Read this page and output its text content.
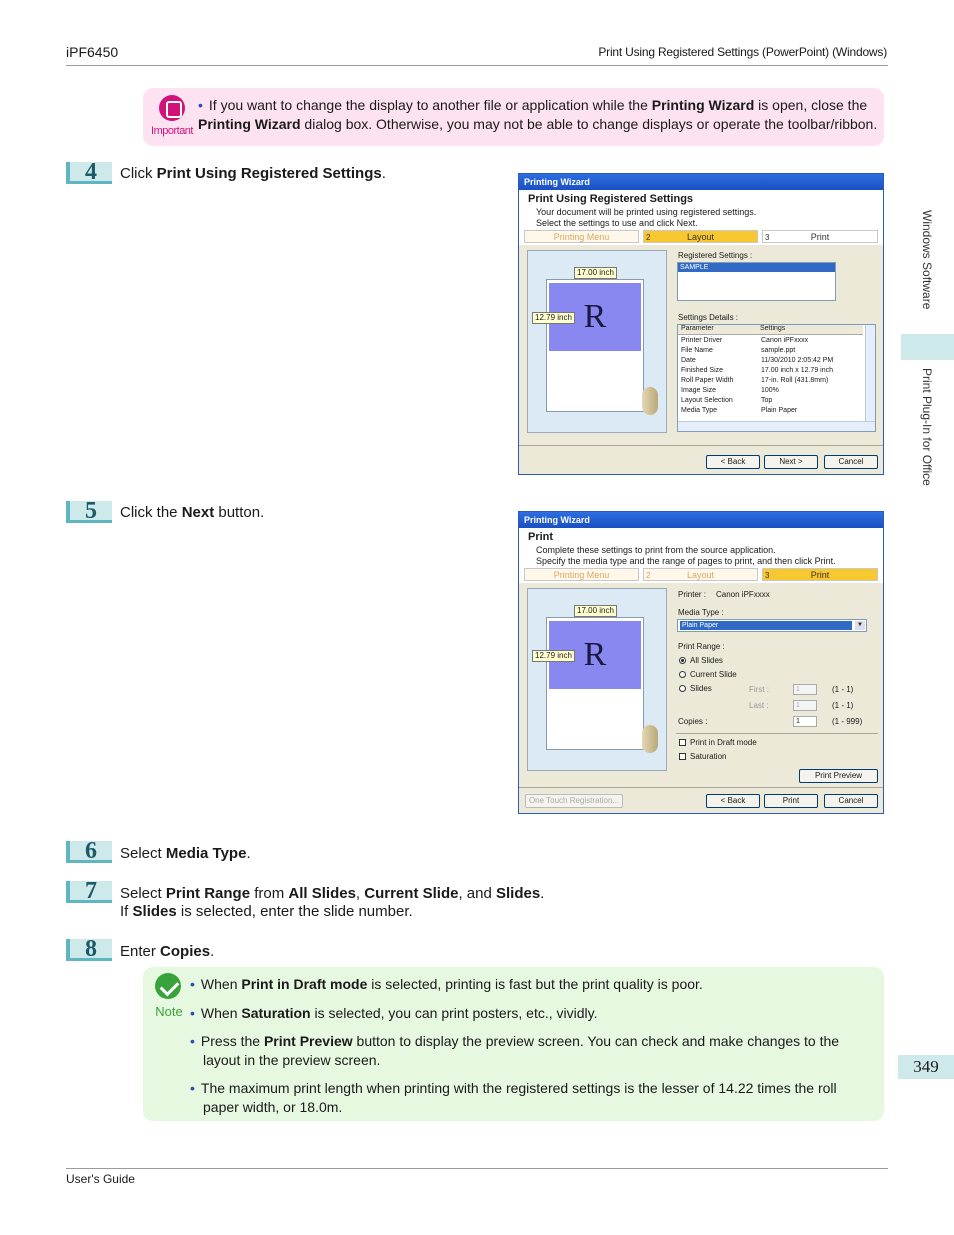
iPF6450	Print Using Registered Settings (PowerPoint) (Windows)
Windows Software
Print Plug-In for Office
349
Important
• If you want to change the display to another file or application while the Printing Wizard is open, close the Printing Wizard dialog box. Otherwise, you may not be able to change displays or operate the toolbar/ribbon.
4	Click Print Using Registered Settings.	Printing Wizard
Print Using Registered Settings
Your document will be printed using registered settings.
Select the settings to use and click Next.
Printing Menu	2	Layout	3	Print
R
17.00 inch
12.79 inch
Registered Settings :
SAMPLE
Settings Details :
Parameter	Settings
Printer Driver	Canon iPFxxxx
File Name	sample.ppt
Date	11/30/2010 2:05:42 PM
Finished Size	17.00 inch x 12.79 inch
Roll Paper Width	17-in. Roll (431.8mm)
Image Size	100%
Layout Selection	Top
Media Type	Plain Paper
< Back	Next >	Cancel
5	Click the Next button.	Printing Wizard
Print
Complete these settings to print from the source application.
Specify the media type and the range of pages to print, and then click Print.
Printing Menu	2	Layout	3	Print
R
17.00 inch
12.79 inch
Printer : Canon iPFxxxx
Media Type :
Plain Paper	▼
Print Range :
All Slides
Current Slide
Slides	First :	1	(1 - 1)
Last :	1	(1 - 1)
Copies :	1	(1 - 999)
Print in Draft mode
Saturation
Print Preview
One Touch Registration...	< Back	Print	Cancel
6	Select Media Type.
7	Select Print Range from All Slides, Current Slide, and Slides.
If Slides is selected, enter the slide number.
8	Enter Copies.
Note
• When Print in Draft mode is selected, printing is fast but the print quality is poor.
• When Saturation is selected, you can print posters, etc., vividly.
• Press the Print Preview button to display the preview screen. You can check and make changes to the layout in the preview screen.
• The maximum print length when printing with the registered settings is the lesser of 14.22 times the roll paper width, or 18.0m.
User's Guide
